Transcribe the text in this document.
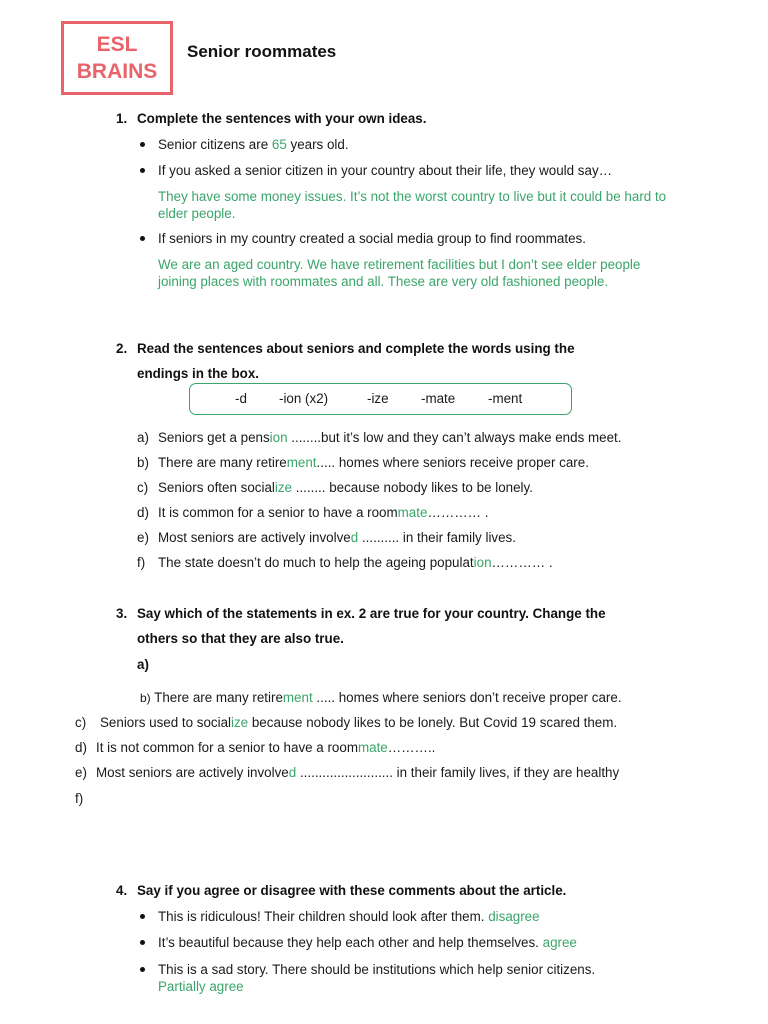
ESL
BRAINS
Senior roommates
1. Complete the sentences with your own ideas.
Senior citizens are 65 years old.
If you asked a senior citizen in your country about their life, they would say…
They have some money issues. It’s not the worst country to live but it could be hard to elder people.
If seniors in my country created a social media group to find roommates.
We are an aged country. We have retirement facilities but I don’t see elder people joining places with roommates and all. These are very old fashioned people.
2. Read the sentences about seniors and complete the words using the
endings in the box.
-d -ion (x2)	-ize -mate -ment
a) Seniors get a pension ........but it’s low and they can’t always make ends meet.
b) There are many retirement..... homes where seniors receive proper care.
c) Seniors often socialize ........ because nobody likes to be lonely.
d) It is common for a senior to have a roommate………… .
e) Most seniors are actively involved .......... in their family lives.
f) The state doesn’t do much to help the ageing population………… .
3. Say which of the statements in ex. 2 are true for your country. Change the
others so that they are also true.
a)
b) There are many retirement ..... homes where seniors don’t receive proper care.
c) Seniors used to socialize because nobody likes to be lonely. But Covid 19 scared them.
d) It is not common for a senior to have a roommate………..
e) Most seniors are actively involved ......................... in their family lives, if they are healthy
f)
4. Say if you agree or disagree with these comments about the article.
This is ridiculous! Their children should look after them. disagree
It’s beautiful because they help each other and help themselves. agree
This is a sad story. There should be institutions which help senior citizens.
Partially agree
